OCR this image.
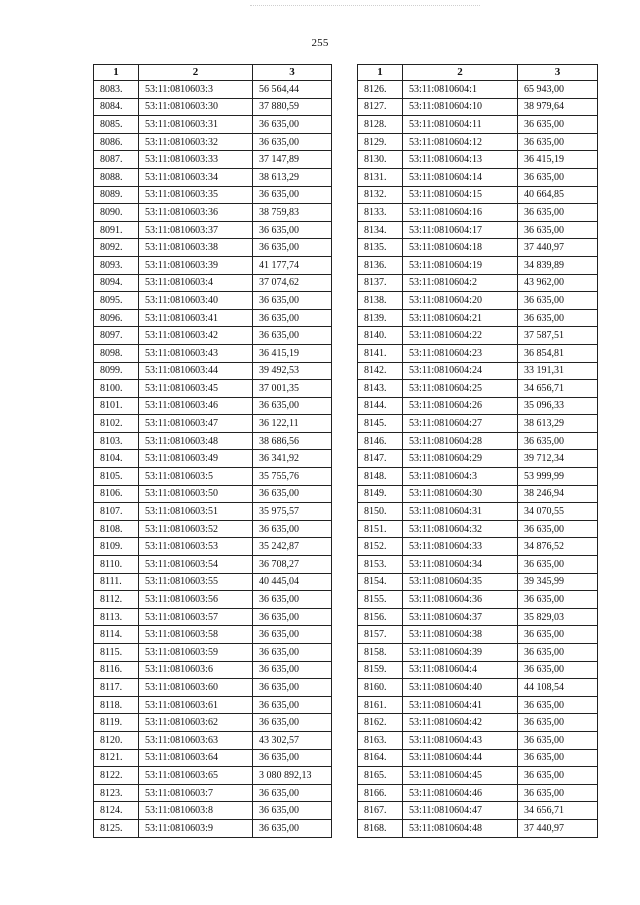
255
1	2	3
8083.	53:11:0810603:3	56 564,44
8084.	53:11:0810603:30	37 880,59
8085.	53:11:0810603:31	36 635,00
8086.	53:11:0810603:32	36 635,00
8087.	53:11:0810603:33	37 147,89
8088.	53:11:0810603:34	38 613,29
8089.	53:11:0810603:35	36 635,00
8090.	53:11:0810603:36	38 759,83
8091.	53:11:0810603:37	36 635,00
8092.	53:11:0810603:38	36 635,00
8093.	53:11:0810603:39	41 177,74
8094.	53:11:0810603:4	37 074,62
8095.	53:11:0810603:40	36 635,00
8096.	53:11:0810603:41	36 635,00
8097.	53:11:0810603:42	36 635,00
8098.	53:11:0810603:43	36 415,19
8099.	53:11:0810603:44	39 492,53
8100.	53:11:0810603:45	37 001,35
8101.	53:11:0810603:46	36 635,00
8102.	53:11:0810603:47	36 122,11
8103.	53:11:0810603:48	38 686,56
8104.	53:11:0810603:49	36 341,92
8105.	53:11:0810603:5	35 755,76
8106.	53:11:0810603:50	36 635,00
8107.	53:11:0810603:51	35 975,57
8108.	53:11:0810603:52	36 635,00
8109.	53:11:0810603:53	35 242,87
8110.	53:11:0810603:54	36 708,27
8111.	53:11:0810603:55	40 445,04
8112.	53:11:0810603:56	36 635,00
8113.	53:11:0810603:57	36 635,00
8114.	53:11:0810603:58	36 635,00
8115.	53:11:0810603:59	36 635,00
8116.	53:11:0810603:6	36 635,00
8117.	53:11:0810603:60	36 635,00
8118.	53:11:0810603:61	36 635,00
8119.	53:11:0810603:62	36 635,00
8120.	53:11:0810603:63	43 302,57
8121.	53:11:0810603:64	36 635,00
8122.	53:11:0810603:65	3 080 892,13
8123.	53:11:0810603:7	36 635,00
8124.	53:11:0810603:8	36 635,00
8125.	53:11:0810603:9	36 635,00
1	2	3
8126.	53:11:0810604:1	65 943,00
8127.	53:11:0810604:10	38 979,64
8128.	53:11:0810604:11	36 635,00
8129.	53:11:0810604:12	36 635,00
8130.	53:11:0810604:13	36 415,19
8131.	53:11:0810604:14	36 635,00
8132.	53:11:0810604:15	40 664,85
8133.	53:11:0810604:16	36 635,00
8134.	53:11:0810604:17	36 635,00
8135.	53:11:0810604:18	37 440,97
8136.	53:11:0810604:19	34 839,89
8137.	53:11:0810604:2	43 962,00
8138.	53:11:0810604:20	36 635,00
8139.	53:11:0810604:21	36 635,00
8140.	53:11:0810604:22	37 587,51
8141.	53:11:0810604:23	36 854,81
8142.	53:11:0810604:24	33 191,31
8143.	53:11:0810604:25	34 656,71
8144.	53:11:0810604:26	35 096,33
8145.	53:11:0810604:27	38 613,29
8146.	53:11:0810604:28	36 635,00
8147.	53:11:0810604:29	39 712,34
8148.	53:11:0810604:3	53 999,99
8149.	53:11:0810604:30	38 246,94
8150.	53:11:0810604:31	34 070,55
8151.	53:11:0810604:32	36 635,00
8152.	53:11:0810604:33	34 876,52
8153.	53:11:0810604:34	36 635,00
8154.	53:11:0810604:35	39 345,99
8155.	53:11:0810604:36	36 635,00
8156.	53:11:0810604:37	35 829,03
8157.	53:11:0810604:38	36 635,00
8158.	53:11:0810604:39	36 635,00
8159.	53:11:0810604:4	36 635,00
8160.	53:11:0810604:40	44 108,54
8161.	53:11:0810604:41	36 635,00
8162.	53:11:0810604:42	36 635,00
8163.	53:11:0810604:43	36 635,00
8164.	53:11:0810604:44	36 635,00
8165.	53:11:0810604:45	36 635,00
8166.	53:11:0810604:46	36 635,00
8167.	53:11:0810604:47	34 656,71
8168.	53:11:0810604:48	37 440,97
